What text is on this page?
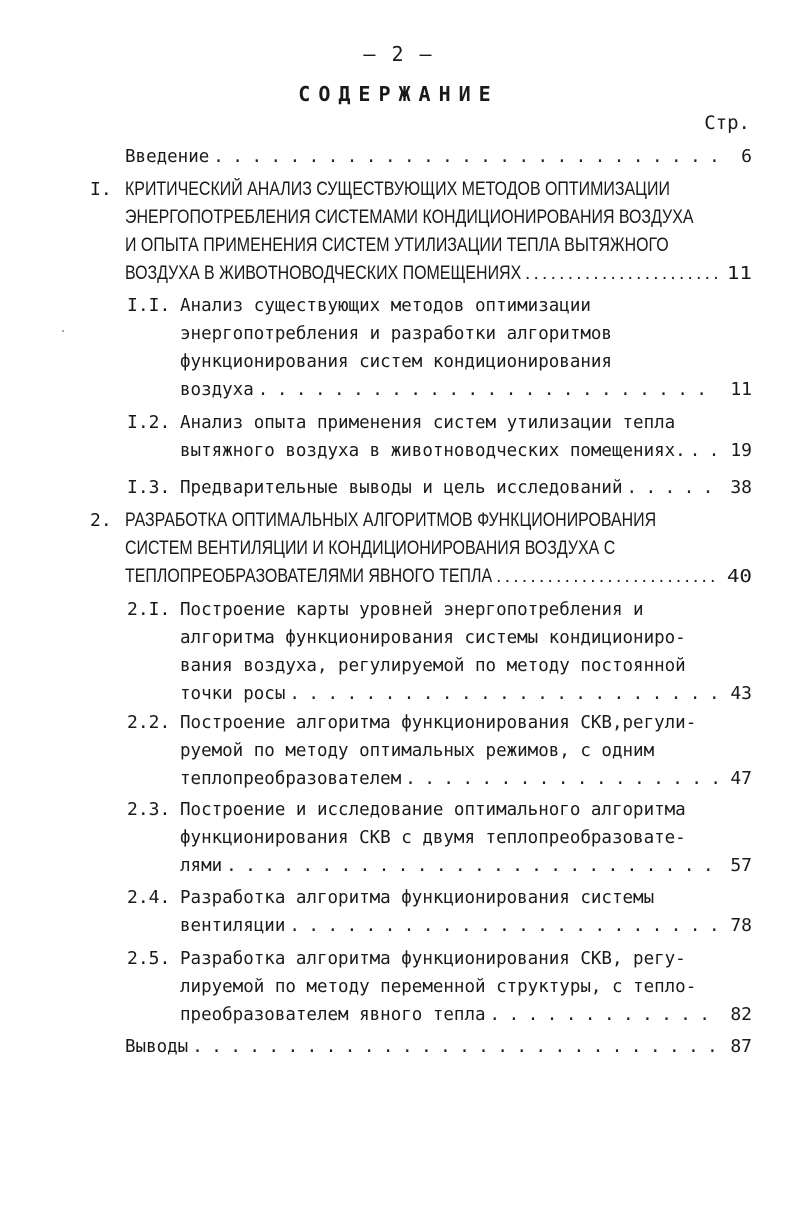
— 2 —
СОДЕРЖАНИЕ
Стр.
Введение . . .	6
I. КРИТИЧЕСКИЙ АНАЛИЗ СУЩЕСТВУЮЩИХ МЕТОДОВ ОПТИМИЗАЦИИ
ЭНЕРГОПОТРЕБЛЕНИЯ СИСТЕМАМИ КОНДИЦИОНИРОВАНИЯ ВОЗДУХА
И ОПЫТА ПРИМЕНЕНИЯ СИСТЕМ УТИЛИЗАЦИИ ТЕПЛА ВЫТЯЖНОГО
ВОЗДУХА В ЖИВОТНОВОДЧЕСКИХ ПОМЕЩЕНИЯХ . . .	11
I.I. Анализ существующих методов оптимизации
энергопотребления и разработки алгоритмов
функционирования систем кондиционирования
воздуха . . .	11
I.2. Анализ опыта применения систем утилизации тепла
вытяжного воздуха в животноводческих помещениях. . . .	19
I.3. Предварительные выводы и цель исследований . . .	38
2. РАЗРАБОТКА ОПТИМАЛЬНЫХ АЛГОРИТМОВ ФУНКЦИОНИРОВАНИЯ
СИСТЕМ ВЕНТИЛЯЦИИ И КОНДИЦИОНИРОВАНИЯ ВОЗДУХА С
ТЕПЛОПРЕОБРАЗОВАТЕЛЯМИ ЯВНОГО ТЕПЛА . . .	40
2.I. Построение карты уровней энергопотребления и
алгоритма функционирования системы кондициониро-
вания воздуха, регулируемой по методу постоянной
точки росы . . .	43
2.2. Построение алгоритма функционирования СКВ,регули-
руемой по методу оптимальных режимов, с одним
теплопреобразователем . . .	47
2.3. Построение и исследование оптимального алгоритма
функционирования СКВ с двумя теплопреобразовате-
лями . . .	57
2.4. Разработка алгоритма функционирования системы
вентиляции . . .	78
2.5. Разработка алгоритма функционирования СКВ, регу-
лируемой по методу переменной структуры, с тепло-
преобразователем явного тепла . . .	82
Выводы . . .	87
